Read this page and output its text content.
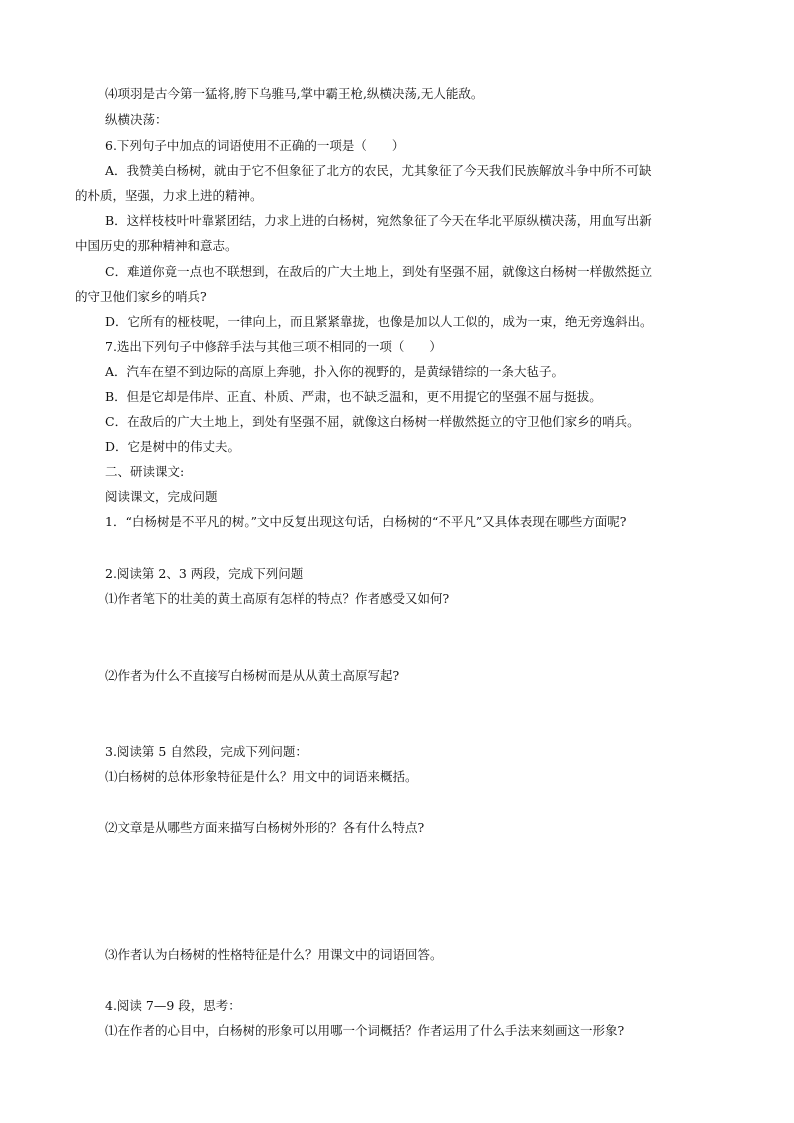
⑷项羽是古今第一猛将,胯下乌骓马,掌中霸王枪,纵横决荡,无人能敌。
纵横决荡：
6.下列句子中加点的词语使用不正确的一项是（　　）
A．我赞美白杨树，就由于它不但象征了北方的农民，尤其象征了今天我们民族解放斗争中所不可缺
的朴质，坚强，力求上进的精神。
B．这样枝枝叶叶靠紧团结，力求上进的白杨树，宛然象征了今天在华北平原纵横决荡，用血写出新
中国历史的那种精神和意志。
C．难道你竟一点也不联想到，在敌后的广大土地上，到处有坚强不屈，就像这白杨树一样傲然挺立
的守卫他们家乡的哨兵?
D．它所有的桠枝呢，一律向上，而且紧紧靠拢，也像是加以人工似的，成为一束，绝无旁逸斜出。
7.选出下列句子中修辞手法与其他三项不相同的一项（　　）
A．汽车在望不到边际的高原上奔驰，扑入你的视野的，是黄绿错综的一条大毡子。
B．但是它却是伟岸、正直、朴质、严肃，也不缺乏温和，更不用提它的坚强不屈与挺拔。
C．在敌后的广大土地上，到处有坚强不屈，就像这白杨树一样傲然挺立的守卫他们家乡的哨兵。
D．它是树中的伟丈夫。
二、研读课文:
阅读课文，完成问题
1．“白杨树是不平凡的树。”文中反复出现这句话，白杨树的“不平凡”又具体表现在哪些方面呢?
2.阅读第 2、3 两段，完成下列问题
⑴作者笔下的壮美的黄土高原有怎样的特点？作者感受又如何?
⑵作者为什么不直接写白杨树而是从从黄土高原写起?
3.阅读第 5 自然段，完成下列问题：
⑴白杨树的总体形象特征是什么？用文中的词语来概括。
⑵文章是从哪些方面来描写白杨树外形的？各有什么特点?
⑶作者认为白杨树的性格特征是什么？用课文中的词语回答。
4.阅读 7—9 段，思考：
⑴在作者的心目中，白杨树的形象可以用哪一个词概括？作者运用了什么手法来刻画这一形象?
